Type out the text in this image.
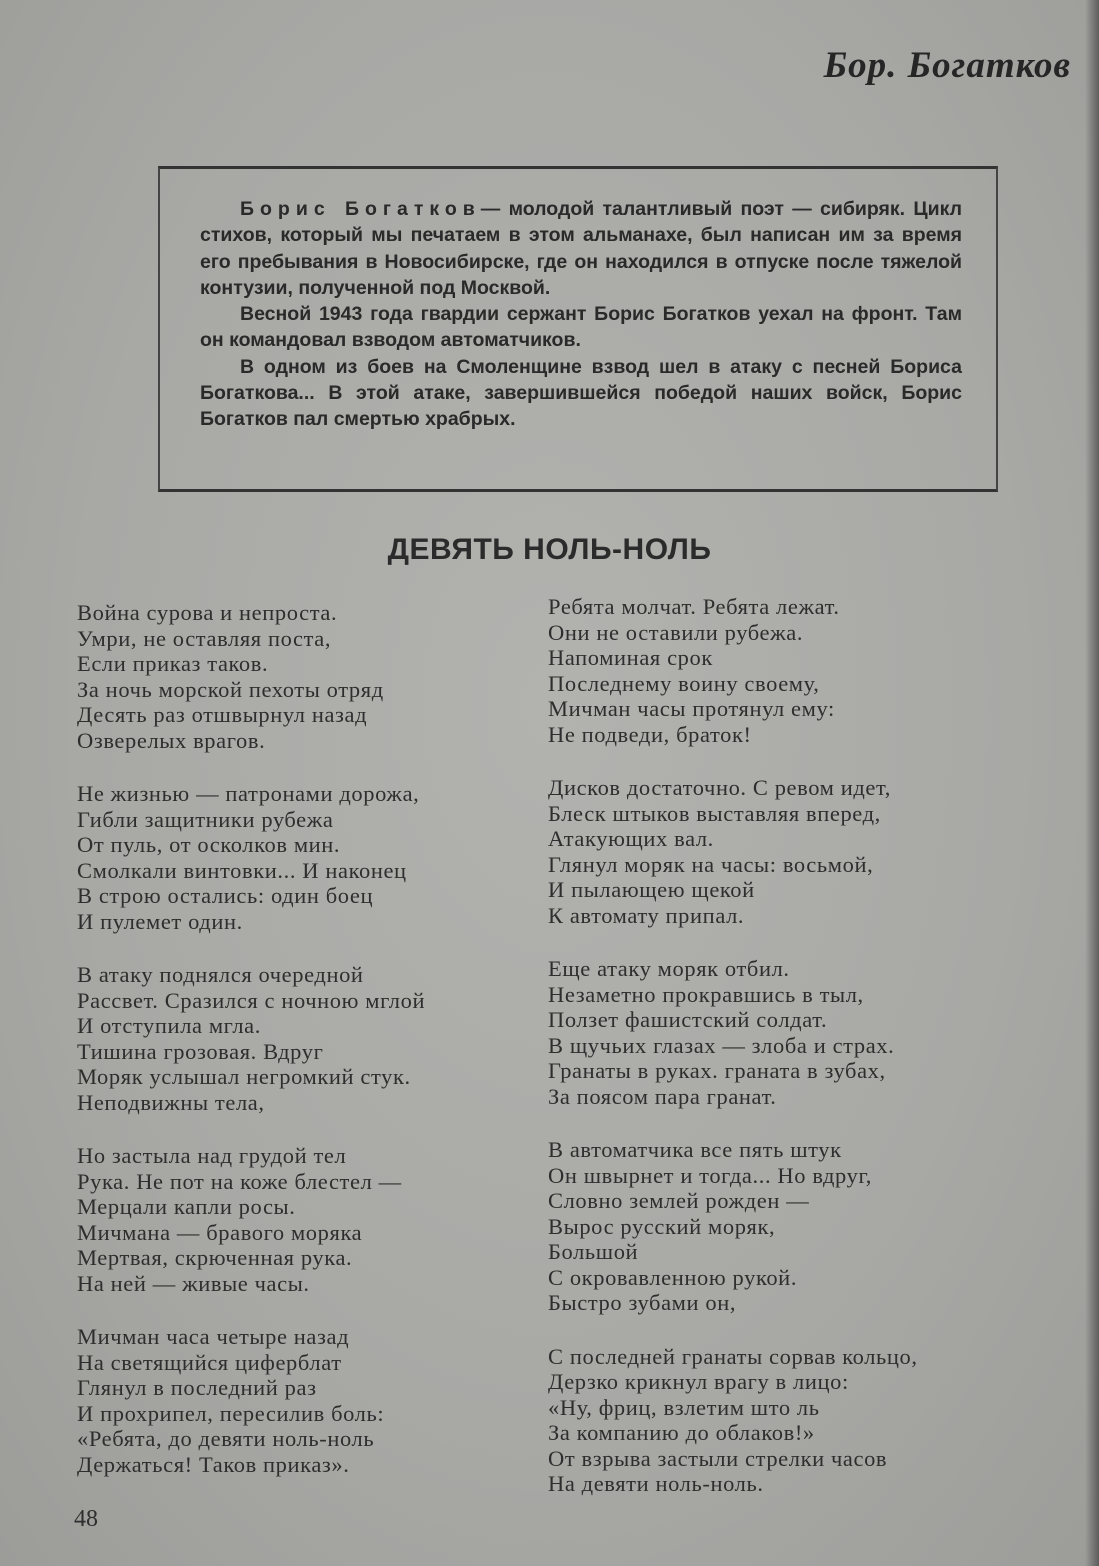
Бор. Богатков

Борис Богатков— молодой талантливый поэт — сибиряк. Цикл стихов, который мы печатаем в этом альманахе, был написан им за время его пребывания в Новосибирске, где он находился в отпуске после тяжелой контузии, полученной под Москвой.

Весной 1943 года гвардии сержант Борис Богатков уехал на фронт. Там он командовал взводом автоматчиков.

В одном из боев на Смоленщине взвод шел в атаку с песней Бориса Богаткова... В этой атаке, завершившейся победой наших войск, Борис Богатков пал смертью храбрых.

ДЕВЯТЬ НОЛЬ-НОЛЬ
Война сурова и непроста.
Умри, не оставляя поста,
Если приказ таков.
За ночь морской пехоты отряд
Десять раз отшвырнул назад
Озверелых врагов.
Не жизнью — патронами дорожа,
Гибли защитники рубежа
От пуль, от осколков мин.
Смолкали винтовки... И наконец
В строю остались: один боец
И пулемет один.
В атаку поднялся очередной
Рассвет. Сразился с ночною мглой
И отступила мгла.
Тишина грозовая. Вдруг
Моряк услышал негромкий стук.
Неподвижны тела,
Но застыла над грудой тел
Рука. Не пот на коже блестел —
Мерцали капли росы.
Мичмана — бравого моряка
Мертвая, скрюченная рука.
На ней — живые часы.
Мичман часа четыре назад
На светящийся циферблат
Глянул в последний раз
И прохрипел, пересилив боль:
«Ребята, до девяти ноль-ноль
Держаться! Таков приказ».
Ребята молчат. Ребята лежат.
Они не оставили рубежа.
Напоминая срок
Последнему воину своему,
Мичман часы протянул ему:
Не подведи, браток!
Дисков достаточно. С ревом идет,
Блеск штыков выставляя вперед,
Атакующих вал.
Глянул моряк на часы: восьмой,
И пылающею щекой
К автомату припал.
Еще атаку моряк отбил.
Незаметно прокравшись в тыл,
Ползет фашистский солдат.
В щучьих глазах — злоба и страх.
Гранаты в руках. граната в зубах,
За поясом пара гранат.
В автоматчика все пять штук
Он швырнет и тогда... Но вдруг,
Словно землей рожден —
Вырос русский моряк,
Большой
С окровавленною рукой.
Быстро зубами он,
С последней гранаты сорвав кольцо,
Дерзко крикнул врагу в лицо:
«Ну, фриц, взлетим што ль
За компанию до облаков!»
От взрыва застыли стрелки часов
На девяти ноль-ноль.
48
